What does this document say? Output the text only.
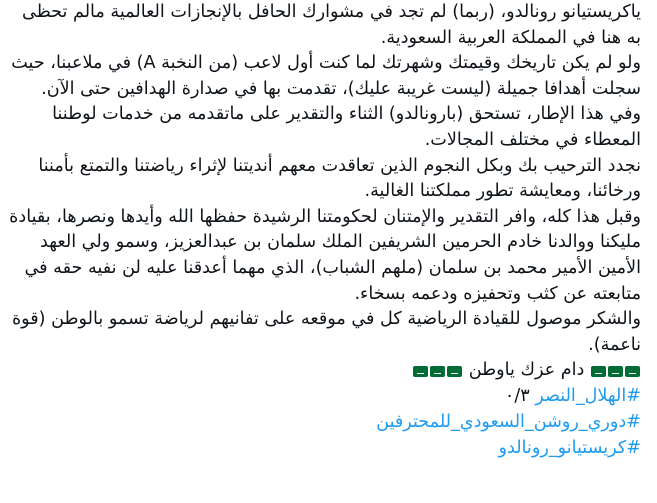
ياكريستيانو رونالدو، (ربما) لم تجد في مشوارك الحافل بالإنجازات العالمية مالم تحظى به هنا في المملكة العربية السعودية.

ولو لم يكن تاريخك وقيمتك وشهرتك لما كنت أول لاعب (من النخبة A) في ملاعبنا، حيث سجلت أهدافا جميلة (ليست غريبة عليك)، تقدمت بها في صدارة الهدافين حتى الآن.

وفي هذا الإطار، تستحق (بارونالدو) الثناء والتقدير على ماتقدمه من خدمات لوطننا المعطاء في مختلف المجالات.

نجدد الترحيب بك وبكل النجوم الذين تعاقدت معهم أنديتنا لإثراء رياضتنا والتمتع بأمننا ورخائنا، ومعايشة تطور مملكتنا الغالية.

وقبل هذا كله، وافر التقدير والإمتنان لحكومتنا الرشيدة حفظها الله وأيدها ونصرها، بقيادة مليكنا ووالدنا خادم الحرمين الشريفين الملك سلمان بن عبدالعزيز، وسمو ولي العهد الأمين الأمير محمد بن سلمان (ملهم الشباب)، الذي مهما أعدقنا عليه لن نفيه حقه في متابعته عن كثب وتحفيزه ودعمه بسخاء.

والشكر موصول للقيادة الرياضية كل في موقعه على تفانيهم لرياضة تسمو بالوطن (قوة ناعمة).

دام عزك ياوطن

#الهلال_النصر ٠/٣
#دوري_روشن_السعودي_للمحترفين
#كريستيانو_رونالدو
